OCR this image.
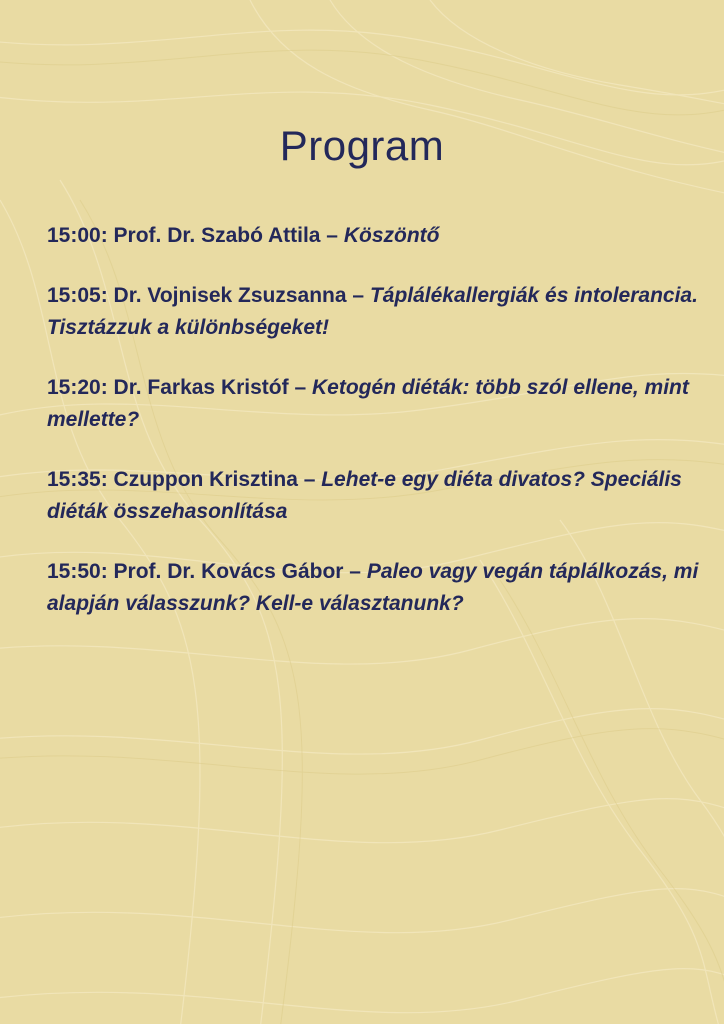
Program
15:00: Prof. Dr. Szabó Attila – Köszöntő
15:05: Dr. Vojnisek Zsuzsanna – Táplálékallergiák és intolerancia. Tisztázzuk a különbségeket!
15:20: Dr. Farkas Kristóf – Ketogén diéták: több szól ellene, mint mellette?
15:35: Czuppon Krisztina – Lehet-e egy diéta divatos? Speciális diéták összehasonlítása
15:50: Prof. Dr. Kovács Gábor – Paleo vagy vegán táplálkozás, mi alapján válasszunk? Kell-e választanunk?
